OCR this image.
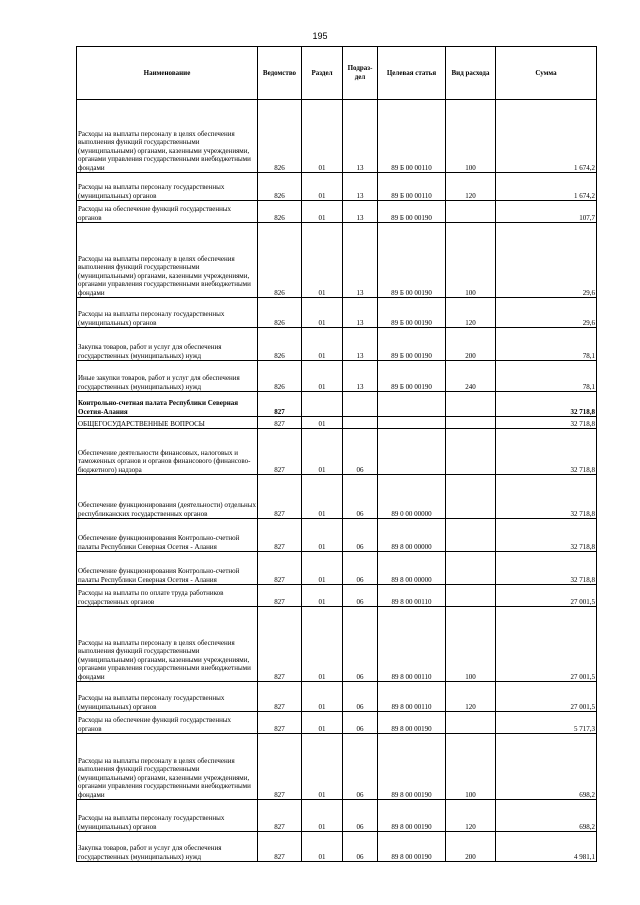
195
Наименование	Ведомство	Раздел	Подраз-дел	Целевая статья	Вид расхода	Сумма
Расходы на выплаты персоналу в целях обеспечения выполнения функций государственными (муниципальными) органами, казенными учреждениями, органами управления государственными внебюджетными фондами	826	01	13	89 Б 00 00110	100	1 674,2
Расходы на выплаты персоналу государственных (муниципальных) органов	826	01	13	89 Б 00 00110	120	1 674,2
Расходы на обеспечение функций государственных органов	826	01	13	89 Б 00 00190		107,7
Расходы на выплаты персоналу в целях обеспечения выполнения функций государственными (муниципальными) органами, казенными учреждениями, органами управления государственными внебюджетными фондами	826	01	13	89 Б 00 00190	100	29,6
Расходы на выплаты персоналу государственных (муниципальных) органов	826	01	13	89 Б 00 00190	120	29,6
Закупка товаров, работ и услуг для обеспечения государственных (муниципальных) нужд	826	01	13	89 Б 00 00190	200	78,1
Иные закупки товаров, работ и услуг для обеспечения государственных (муниципальных) нужд	826	01	13	89 Б 00 00190	240	78,1
Контрольно-счетная палата Республики Северная Осетия-Алания	827					32 718,8
ОБЩЕГОСУДАРСТВЕННЫЕ ВОПРОСЫ	827	01				32 718,8
Обеспечение деятельности финансовых, налоговых и таможенных органов и органов финансового (финансово-бюджетного) надзора	827	01	06			32 718,8
Обеспечение функционирования (деятельности) отдельных республиканских государственных органов	827	01	06	89 0 00 00000		32 718,8
Обеспечение функционирования Контрольно-счетной палаты Республики Северная Осетия - Алания	827	01	06	89 8 00 00000		32 718,8
Обеспечение функционирования Контрольно-счетной палаты Республики Северная Осетия - Алания	827	01	06	89 8 00 00000		32 718,8
Расходы на выплаты по оплате труда работников государственных органов	827	01	06	89 8 00 00110		27 001,5
Расходы на выплаты персоналу в целях обеспечения выполнения функций государственными (муниципальными) органами, казенными учреждениями, органами управления государственными внебюджетными фондами	827	01	06	89 8 00 00110	100	27 001,5
Расходы на выплаты персоналу государственных (муниципальных) органов	827	01	06	89 8 00 00110	120	27 001,5
Расходы на обеспечение функций государственных органов	827	01	06	89 8 00 00190		5 717,3
Расходы на выплаты персоналу в целях обеспечения выполнения функций государственными (муниципальными) органами, казенными учреждениями, органами управления государственными внебюджетными фондами	827	01	06	89 8 00 00190	100	698,2
Расходы на выплаты персоналу государственных (муниципальных) органов	827	01	06	89 8 00 00190	120	698,2
Закупка товаров, работ и услуг для обеспечения государственных (муниципальных) нужд	827	01	06	89 8 00 00190	200	4 981,1
